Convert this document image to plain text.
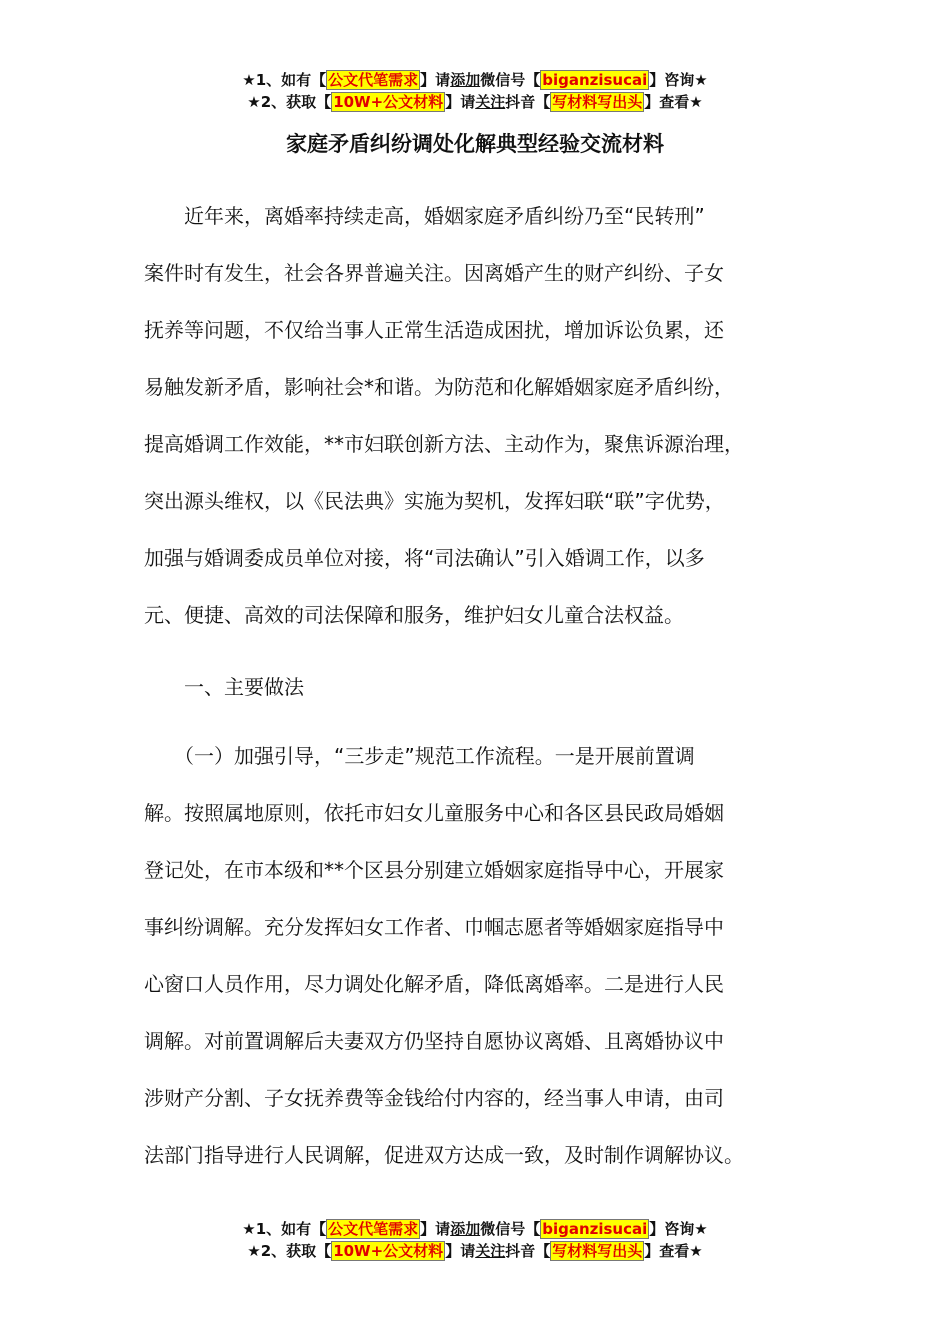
★1、如有【 公文代笔需求 】请添加微信号【 biganzisucai 】咨询★
★2、获取【 10W+公文材料 】请关注抖音【 写材料写出头 】查看★
家庭矛盾纠纷调处化解典型经验交流材料
　　近年来，离婚率持续走高，婚姻家庭矛盾纠纷乃至“民转刑”
案件时有发生，社会各界普遍关注。因离婚产生的财产纠纷、子女
抚养等问题，不仅给当事人正常生活造成困扰，增加诉讼负累，还
易触发新矛盾，影响社会*和谐。为防范和化解婚姻家庭矛盾纠纷，
提高婚调工作效能，**市妇联创新方法、主动作为，聚焦诉源治理，
突出源头维权，以《民法典》实施为契机，发挥妇联“联”字优势，
加强与婚调委成员单位对接，将“司法确认”引入婚调工作，以多
元、便捷、高效的司法保障和服务，维护妇女儿童合法权益。
　　一、主要做法
　　（一）加强引导，“三步走”规范工作流程。一是开展前置调
解。按照属地原则，依托市妇女儿童服务中心和各区县民政局婚姻
登记处，在市本级和**个区县分别建立婚姻家庭指导中心，开展家
事纠纷调解。充分发挥妇女工作者、巾帼志愿者等婚姻家庭指导中
心窗口人员作用，尽力调处化解矛盾，降低离婚率。二是进行人民
调解。对前置调解后夫妻双方仍坚持自愿协议离婚、且离婚协议中
涉财产分割、子女抚养费等金钱给付内容的，经当事人申请，由司
法部门指导进行人民调解，促进双方达成一致，及时制作调解协议。
★1、如有【 公文代笔需求 】请添加微信号【 biganzisucai 】咨询★
★2、获取【 10W+公文材料 】请关注抖音【 写材料写出头 】查看★
